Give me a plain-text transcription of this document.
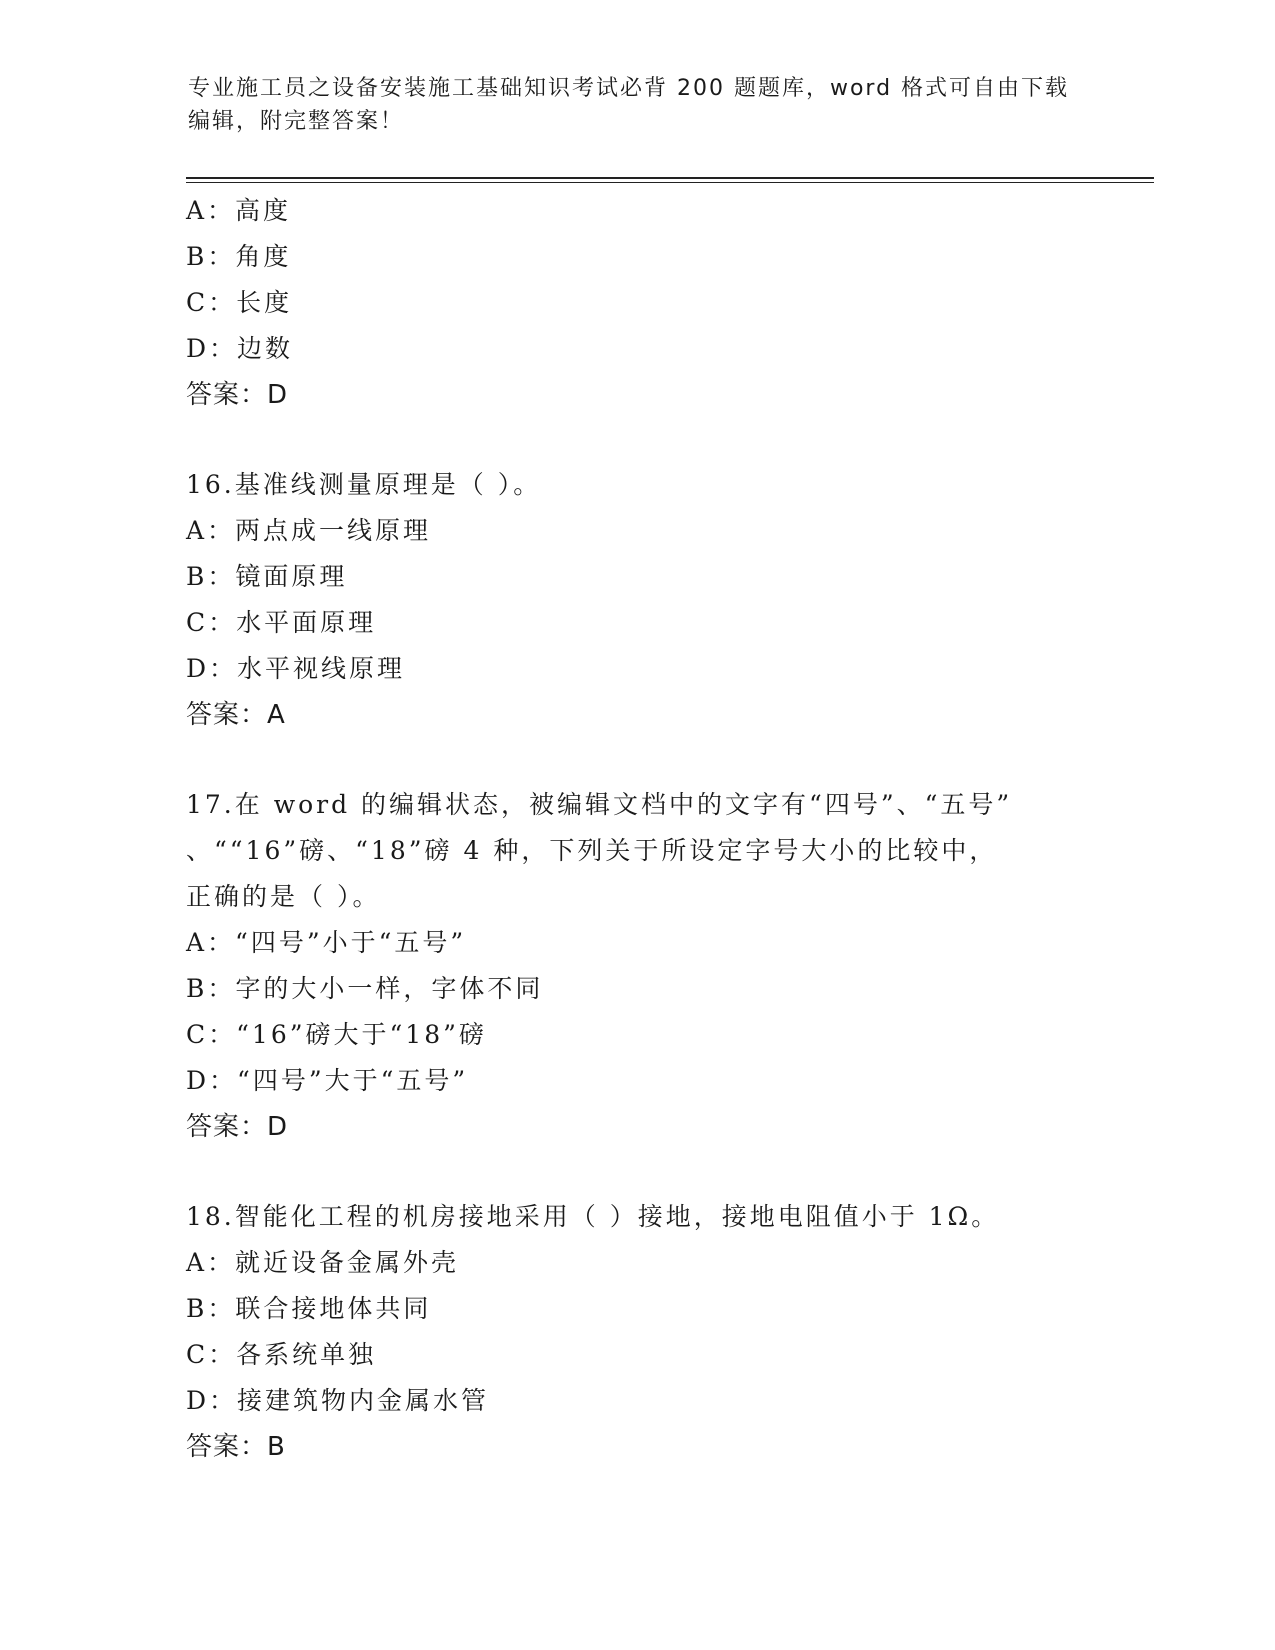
专业施工员之设备安装施工基础知识考试必背 200 题题库，word 格式可自由下载
编辑，附完整答案！
A：高度
B：角度
C：长度
D：边数
答案：D
16.基准线测量原理是（ ）。
A：两点成一线原理
B：镜面原理
C：水平面原理
D：水平视线原理
答案：A
17.在 word 的编辑状态，被编辑文档中的文字有“四号”、“五号”
、““16”磅、“18”磅 4 种，下列关于所设定字号大小的比较中，
正确的是（ ）。
A：“四号”小于“五号”
B：字的大小一样，字体不同
C：“16”磅大于“18”磅
D：“四号”大于“五号”
答案：D
18.智能化工程的机房接地采用（ ）接地，接地电阻值小于 1Ω。
A：就近设备金属外壳
B：联合接地体共同
C：各系统单独
D：接建筑物内金属水管
答案：B
